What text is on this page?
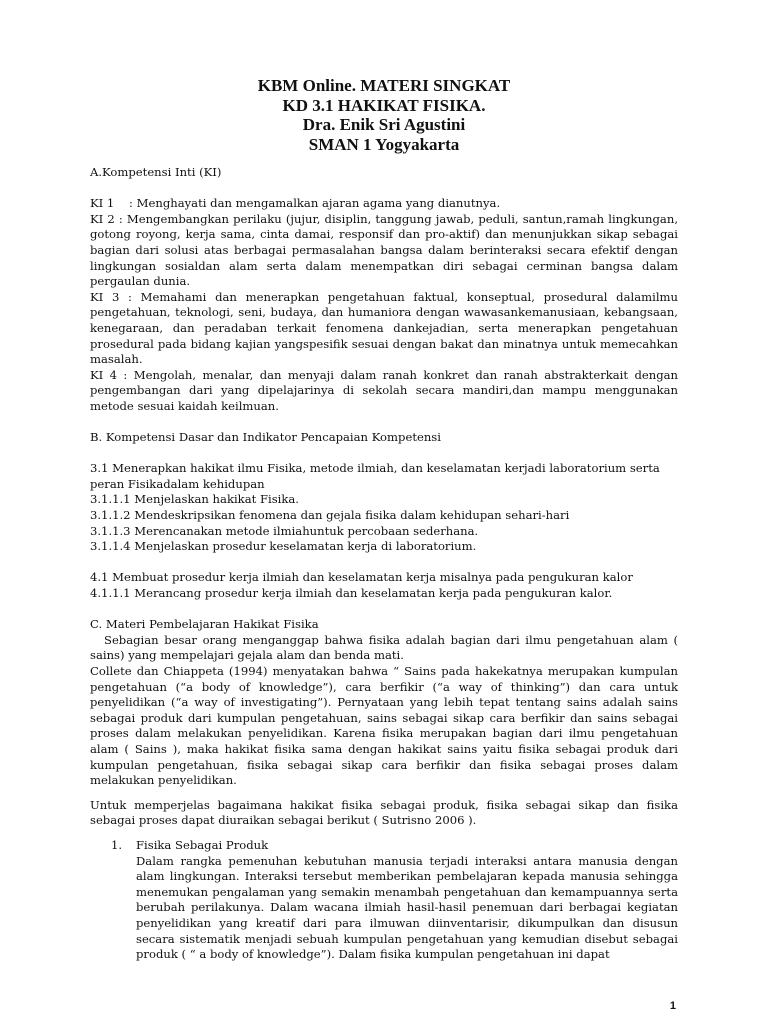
KBM Online. MATERI SINGKAT
KD 3.1 HAKIKAT FISIKA.
Dra. Enik Sri Agustini
SMAN 1 Yogyakarta

A.Kompetensi Inti (KI)

KI 1    : Menghayati dan mengamalkan ajaran agama yang dianutnya.

KI 2 : Mengembangkan perilaku (jujur, disiplin, tanggung jawab, peduli, santun,ramah lingkungan, gotong royong, kerja sama, cinta damai, responsif dan pro-aktif) dan menunjukkan sikap sebagai bagian dari solusi atas berbagai permasalahan bangsa dalam berinteraksi secara efektif dengan lingkungan sosialdan alam serta dalam menempatkan diri sebagai cerminan bangsa dalam pergaulan dunia.

KI 3 : Memahami dan menerapkan pengetahuan faktual, konseptual, prosedural dalamilmu pengetahuan, teknologi, seni, budaya, dan humaniora dengan wawasankemanusiaan, kebangsaan, kenegaraan, dan peradaban terkait fenomena dankejadian, serta menerapkan pengetahuan prosedural pada bidang kajian yangspesifik sesuai dengan bakat dan minatnya untuk memecahkan masalah.

KI 4 : Mengolah, menalar, dan menyaji dalam ranah konkret dan ranah abstrakterkait dengan pengembangan dari yang dipelajarinya di sekolah secara mandiri,dan mampu menggunakan metode sesuai kaidah keilmuan.

B. Kompetensi Dasar dan Indikator Pencapaian Kompetensi

3.1 Menerapkan hakikat ilmu Fisika, metode ilmiah, dan keselamatan kerjadi laboratorium serta peran Fisikadalam kehidupan

3.1.1.1 Menjelaskan hakikat Fisika.

3.1.1.2 Mendeskripsikan fenomena dan gejala fisika dalam kehidupan sehari-hari

3.1.1.3 Merencanakan metode ilmiahuntuk percobaan sederhana.

3.1.1.4 Menjelaskan prosedur keselamatan kerja di laboratorium.

4.1 Membuat prosedur kerja ilmiah dan keselamatan kerja misalnya pada pengukuran kalor

4.1.1.1 Merancang prosedur kerja ilmiah dan keselamatan kerja pada pengukuran kalor.

C. Materi Pembelajaran Hakikat Fisika

Sebagian besar orang menganggap bahwa fisika adalah bagian dari ilmu pengetahuan alam ( sains) yang mempelajari gejala alam dan benda mati.

Collete dan Chiappeta (1994) menyatakan bahwa “ Sains pada hakekatnya merupakan kumpulan pengetahuan (“a body of knowledge”), cara berfikir (“a way of thinking”) dan cara untuk penyelidikan (“a way of investigating”). Pernyataan yang lebih tepat tentang sains adalah sains sebagai produk dari kumpulan pengetahuan, sains sebagai sikap cara berfikir dan sains sebagai proses dalam melakukan penyelidikan. Karena fisika merupakan bagian dari ilmu pengetahuan alam ( Sains ), maka hakikat fisika sama dengan hakikat sains yaitu fisika sebagai produk dari kumpulan pengetahuan, fisika sebagai sikap cara berfikir dan fisika sebagai proses dalam melakukan penyelidikan.

Untuk memperjelas bagaimana hakikat fisika sebagai produk, fisika sebagai sikap dan fisika sebagai proses dapat diuraikan sebagai berikut ( Sutrisno 2006 ).

1. Fisika Sebagai Produk

Dalam rangka pemenuhan kebutuhan manusia terjadi interaksi antara manusia dengan alam lingkungan. Interaksi tersebut memberikan pembelajaran kepada manusia sehingga menemukan pengalaman yang semakin menambah pengetahuan dan kemampuannya serta berubah perilakunya. Dalam wacana ilmiah hasil-hasil penemuan dari berbagai kegiatan penyelidikan yang kreatif dari para ilmuwan diinventarisir, dikumpulkan dan disusun secara sistematik menjadi sebuah kumpulan pengetahuan yang kemudian disebut sebagai produk ( “ a body of knowledge”). Dalam fisika kumpulan pengetahuan ini dapat

1
